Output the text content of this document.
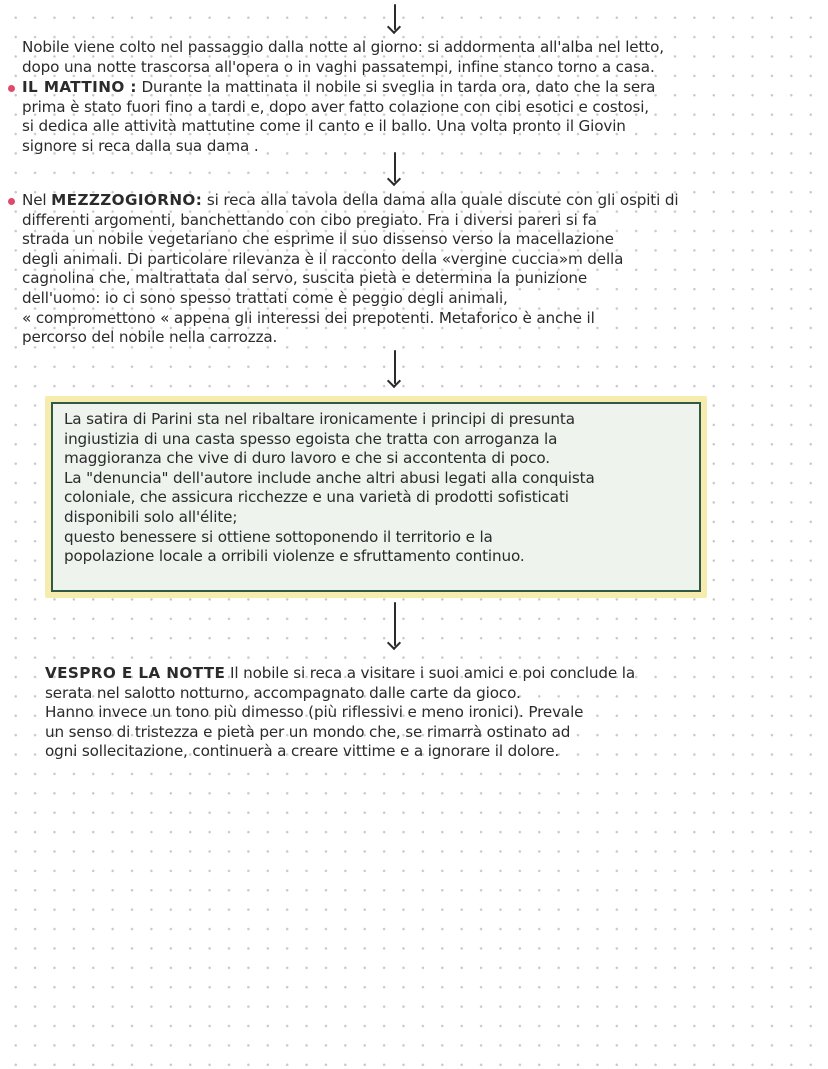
Nobile viene colto nel passaggio dalla notte al giorno: si addormenta all'alba nel letto,
dopo una notte trascorsa all'opera o in vaghi passatempi, infine stanco torno a casa.
IL MATTINO : Durante la mattinata il nobile si sveglia in tarda ora, dato che la sera
prima è stato fuori fino a tardi e, dopo aver fatto colazione con cibi esotici e costosi,
si dedica alle attività mattutine come il canto e il ballo. Una volta pronto il Giovin
signore si reca dalla sua dama .
Nel MEZZZOGIORNO: si reca alla tavola della dama alla quale discute con gli ospiti di
differenti argomenti, banchettando con cibo pregiato. Fra i diversi pareri si fa
strada un nobile vegetariano che esprime il suo dissenso verso la macellazione
degli animali. Di particolare rilevanza è il racconto della «vergine cuccia»m della
cagnolina che, maltrattata dal servo, suscita pietà e determina la punizione
dell'uomo: io ci sono spesso trattati come è peggio degli animali,
« compromettono « appena gli interessi dei prepotenti. Metaforico è anche il
percorso del nobile nella carrozza.
La satira di Parini sta nel ribaltare ironicamente i principi di presunta
ingiustizia di una casta spesso egoista che tratta con arroganza la
maggioranza che vive di duro lavoro e che si accontenta di poco.
La "denuncia" dell'autore include anche altri abusi legati alla conquista
coloniale, che assicura ricchezze e una varietà di prodotti sofisticati
disponibili solo all'élite;
questo benessere si ottiene sottoponendo il territorio e la
popolazione locale a orribili violenze e sfruttamento continuo.
VESPRO E LA NOTTE Il nobile si reca a visitare i suoi amici e poi conclude la
serata nel salotto notturno, accompagnato dalle carte da gioco.
Hanno invece un tono più dimesso (più riflessivi e meno ironici). Prevale
un senso di tristezza e pietà per un mondo che, se rimarrà ostinato ad
ogni sollecitazione, continuerà a creare vittime e a ignorare il dolore.
